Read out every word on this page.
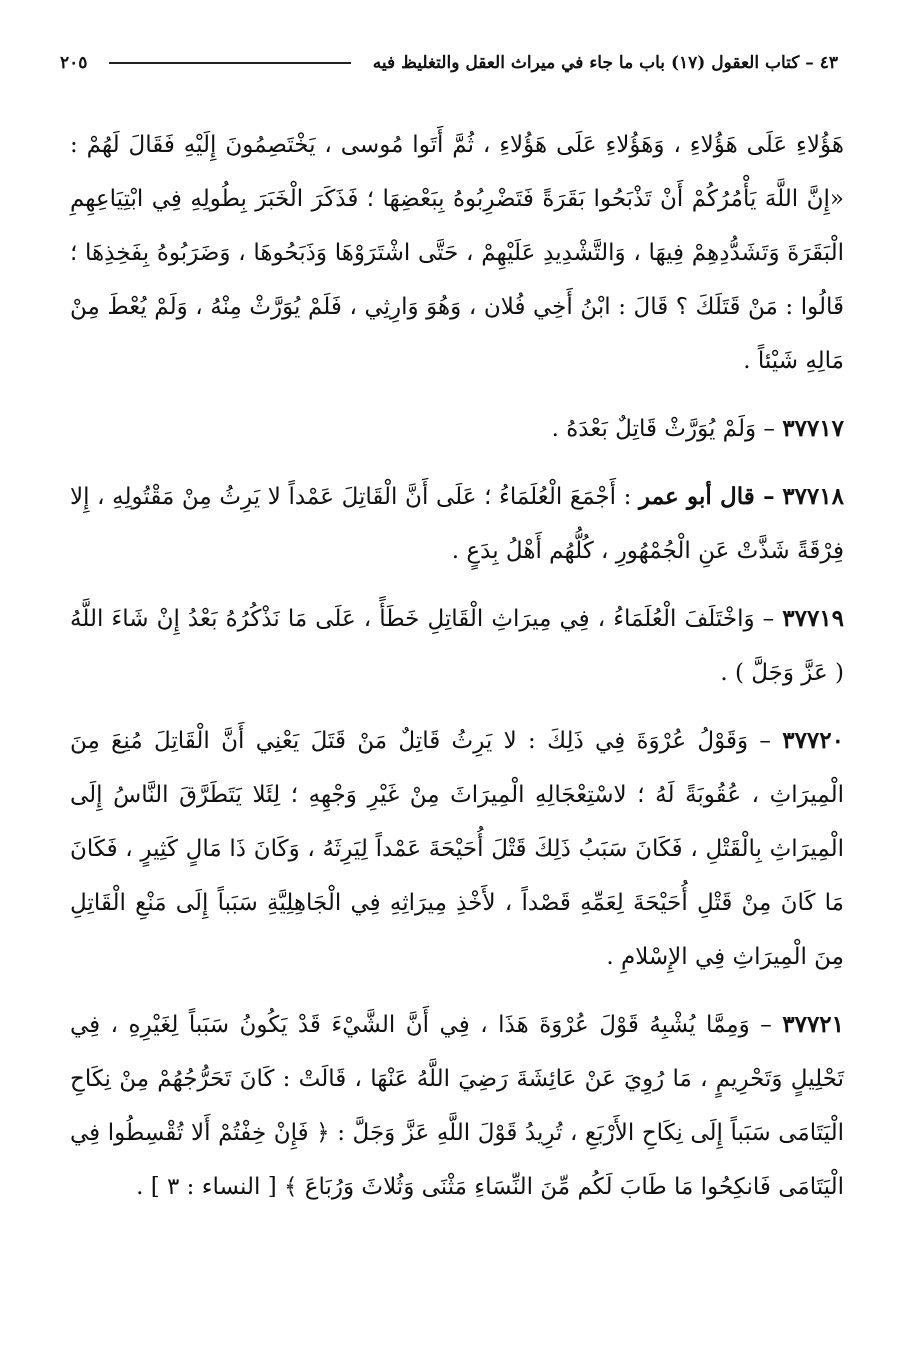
٤٣ – كتاب العقول (١٧) باب ما جاء في ميراث العقل والتغليظ فيه
٢٠٥

هَؤُلاءِ عَلَى هَؤُلاءِ ، وَهَؤُلاءِ عَلَى هَؤُلاءِ ، ثُمَّ أَتَوا مُوسى ، يَخْتَصِمُونَ إِلَيْهِ فَقَالَ لَهُمْ : «إِنَّ اللَّهَ يَأْمُرُكُمْ أَنْ تَذْبَحُوا بَقَرَةً فَتَضْرِبُوهُ بِبَعْضِهَا ؛ فَذَكَرَ الْخَبَرَ بِطُولِهِ فِي ابْتِيَاعِهِمِ الْبَقَرَةَ وَتَشَدُّدِهِمْ فِيهَا ، وَالتَّشْدِيدِ عَلَيْهِمْ ، حَتَّى اشْتَرَوْهَا وَذَبَحُوهَا ، وَضَرَبُوهُ بِفَخِذِهَا ؛ قَالُوا : مَنْ قَتَلَكَ ؟ قَالَ : ابْنُ أَخِي فُلان ، وَهُوَ وَارِثِي ، فَلَمْ يُوَرَّثْ مِنْهُ ، وَلَمْ يُعْطَ مِنْ مَالِهِ شَيْئاً .

٣٧٧١٧ – وَلَمْ يُوَرَّثْ قَاتِلٌ بَعْدَهُ .

٣٧٧١٨ – قال أبو عمر : أَجْمَعَ الْعُلَمَاءُ ؛ عَلَى أَنَّ الْقَاتِلَ عَمْداً لا يَرِثُ مِنْ مَقْتُولِهِ ، إِلا فِرْقَةً شَذَّتْ عَنِ الْجُمْهُورِ ، كُلُّهُم أَهْلُ بِدَعٍ .

٣٧٧١٩ – وَاخْتَلَفَ الْعُلَمَاءُ ، فِي مِيرَاثِ الْقَاتِلِ خَطَأً ، عَلَى مَا نَذْكُرُهُ بَعْدُ إِنْ شَاءَ اللَّهُ ( عَزَّ وَجَلَّ ) .

٣٧٧٢٠ – وَقَوْلُ عُرْوَةَ فِي ذَلِكَ : لا يَرِثُ قَاتِلٌ مَنْ قَتَلَ يَعْنِي أَنَّ الْقَاتِلَ مُنِعَ مِنَ الْمِيرَاثِ ، عُقُوبَةً لَهُ ؛ لاسْتِعْجَالِهِ الْمِيرَاثَ مِنْ غَيْرِ وَجْهِهِ ؛ لِئَلا يَتَطَرَّقَ النَّاسُ إِلَى الْمِيرَاثِ بِالْقَتْلِ ، فَكَانَ سَبَبُ ذَلِكَ قَتْلَ أُحَيْحَةَ عَمْداً لِيَرِثَهُ ، وَكَانَ ذَا مَالٍ كَثِيرٍ ، فَكَانَ مَا كَانَ مِنْ قَتْلِ أُحَيْحَةَ لِعَمِّهِ قَصْداً ، لأَخْذِ مِيرَاثِهِ فِي الْجَاهِلِيَّةِ سَبَباً إِلَى مَنْعِ الْقَاتِلِ مِنَ الْمِيرَاثِ فِي الإِسْلامِ .

٣٧٧٢١ – وَمِمَّا يُشْبِهُ قَوْلَ عُرْوَةَ هَذَا ، فِي أَنَّ الشَّيْءَ قَدْ يَكُونُ سَبَباً لِغَيْرِهِ ، فِي تَحْلِيلٍ وَتَحْرِيمٍ ، مَا رُوِيَ عَنْ عَائِشَةَ رَضِيَ اللَّهُ عَنْهَا ، قَالَتْ : كَانَ تَحَرُّجُهُمْ مِنْ نِكَاحِ الْيَتَامَى سَبَباً إِلَى نِكَاحِ الأَرْبَعِ ، تُرِيدُ قَوْلَ اللَّهِ عَزَّ وَجَلَّ : ﴿ فَإِنْ خِفْتُمْ أَلا تُقْسِطُوا فِي الْيَتَامَى فَانكِحُوا مَا طَابَ لَكُم مِّنَ النِّسَاءِ مَثْنَى وَثُلاثَ وَرُبَاعَ ﴾ [ النساء : ٣ ] .
